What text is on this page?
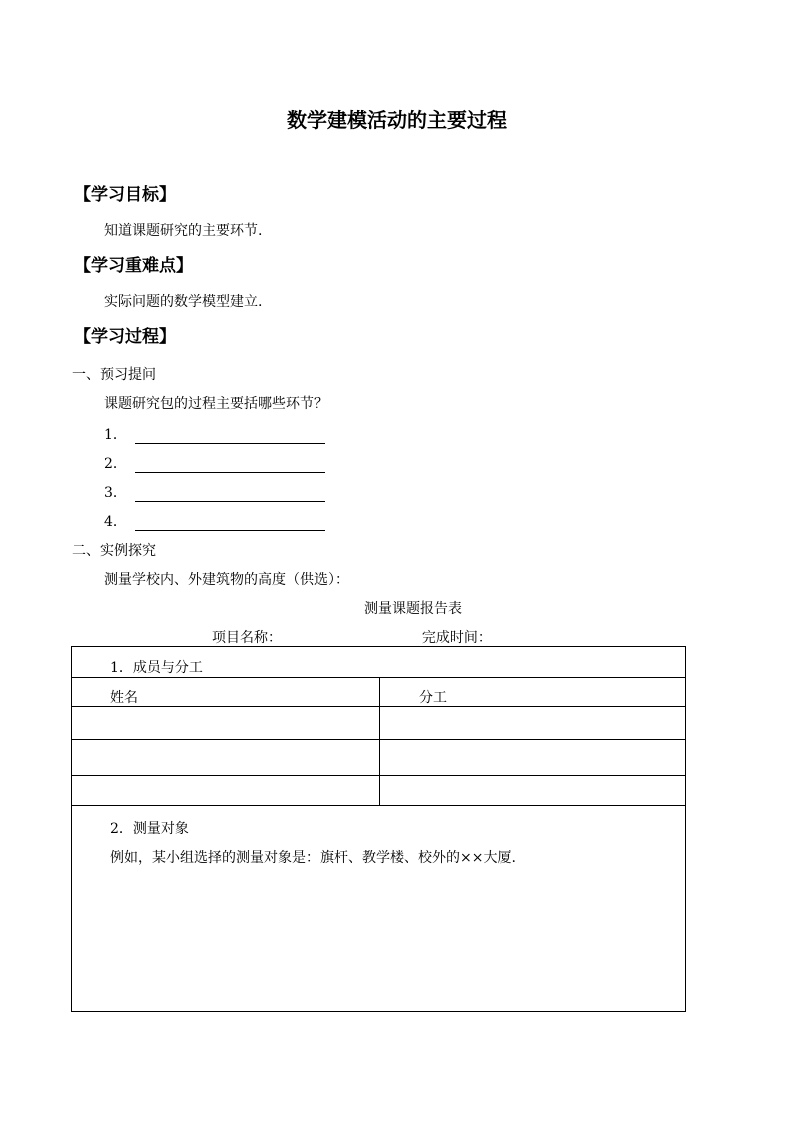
数学建模活动的主要过程
【学习目标】
知道课题研究的主要环节.
【学习重难点】
实际问题的数学模型建立.
【学习过程】
一、预习提问
课题研究包的过程主要括哪些环节？
1．
2．
3．
4．
二、实例探究
测量学校内、外建筑物的高度（供选）：
测量课题报告表
项目名称：	完成时间：
1．成员与分工
姓名	分工
2．测量对象
例如，某小组选择的测量对象是：旗杆、教学楼、校外的××大厦.
